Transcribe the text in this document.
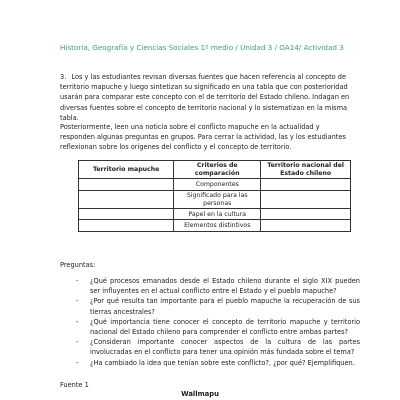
Historia, Geografía y Ciencias Sociales 1º medio / Unidad 3 / OA14/ Actividad 3
3. Los y las estudiantes revisan diversas fuentes que hacen referencia al concepto de territorio mapuche y luego sintetizan su significado en una tabla que con posterioridad usarán para comparar este concepto con el de territorio del Estado chileno. Indagan en diversas fuentes sobre el concepto de territorio nacional y lo sistematizan en la misma tabla.
Posteriormente, leen una noticia sobre el conflicto mapuche en la actualidad y responden algunas preguntas en grupos. Para cerrar la actividad, las y los estudiantes reflexionan sobre los orígenes del conflicto y el concepto de territorio.
Territorio mapuche	Criterios de comparación	Territorio nacional del Estado chileno
	Componentes	
	Significado para las personas	
	Papel en la cultura	
	Elementos distintivos	
Preguntas:
- ¿Qué procesos emanados desde el Estado chileno durante el siglo XIX pueden ser influyentes en el actual conflicto entre el Estado y el pueblo mapuche?
- ¿Por qué resulta tan importante para el pueblo mapuche la recuperación de sus tierras ancestrales?
- ¿Qué importancia tiene conocer el concepto de territorio mapuche y territorio nacional del Estado chileno para comprender el conflicto entre ambas partes?
- ¿Consideran importante conocer aspectos de la cultura de las partes involucradas en el conflicto para tener una opinión más fundada sobre el tema?
- ¿Ha cambiado la idea que tenían sobre este conflicto?, ¿por qué? Ejemplifiquen.
Fuente 1
Wallmapu
